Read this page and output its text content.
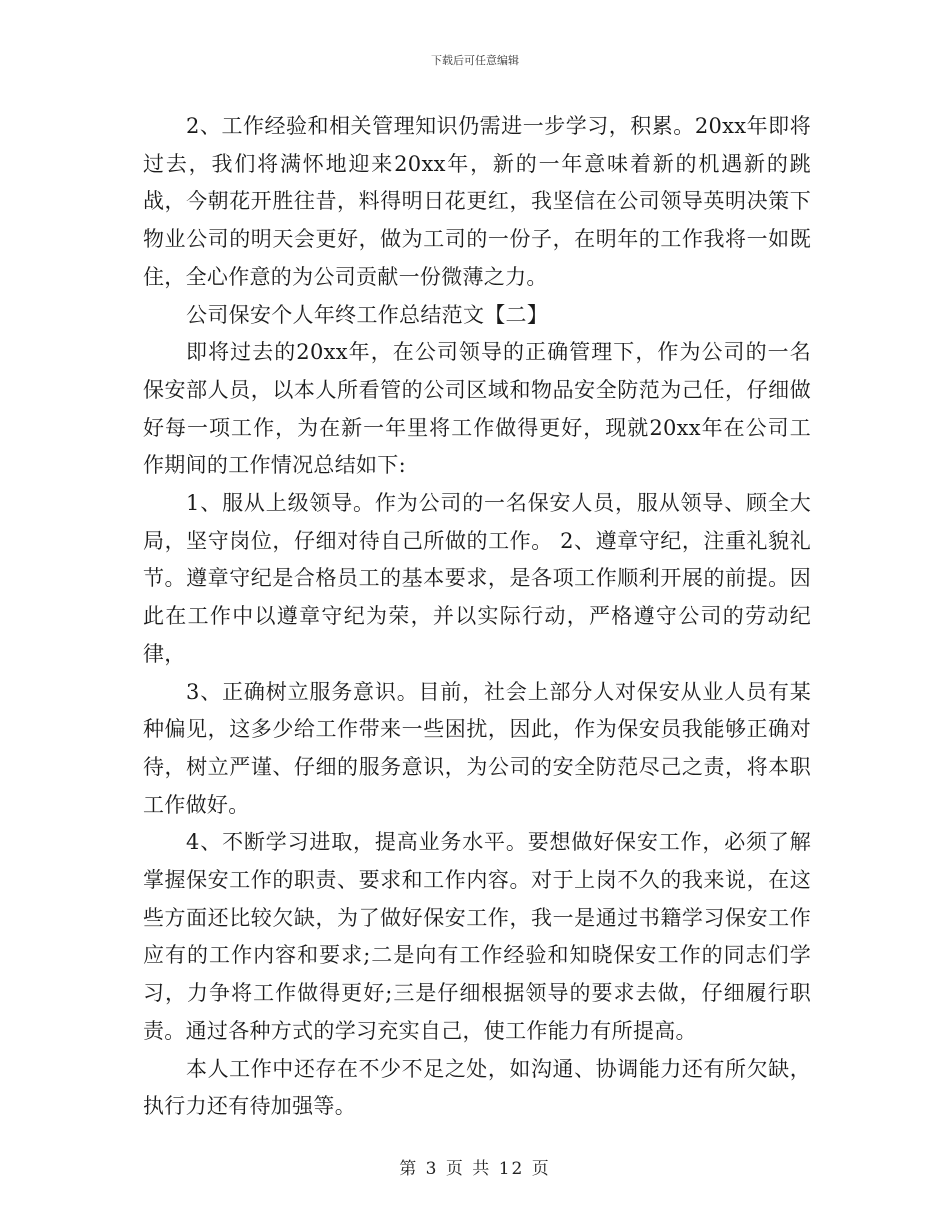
下载后可任意编辑

2、工作经验和相关管理知识仍需进一步学习，积累。20xx年即将过去，我们将满怀地迎来20xx年，新的一年意味着新的机遇新的跳战，今朝花开胜往昔，料得明日花更红，我坚信在公司领导英明决策下物业公司的明天会更好，做为工司的一份子，在明年的工作我将一如既住，全心作意的为公司贡献一份微薄之力。

公司保安个人年终工作总结范文【二】

即将过去的20xx年，在公司领导的正确管理下，作为公司的一名保安部人员，以本人所看管的公司区域和物品安全防范为己任，仔细做好每一项工作，为在新一年里将工作做得更好，现就20xx年在公司工作期间的工作情况总结如下:

1、服从上级领导。作为公司的一名保安人员，服从领导、顾全大局，坚守岗位，仔细对待自己所做的工作。 2、遵章守纪，注重礼貌礼节。遵章守纪是合格员工的基本要求，是各项工作顺利开展的前提。因此在工作中以遵章守纪为荣，并以实际行动，严格遵守公司的劳动纪律，

3、正确树立服务意识。目前，社会上部分人对保安从业人员有某种偏见，这多少给工作带来一些困扰，因此，作为保安员我能够正确对待，树立严谨、仔细的服务意识，为公司的安全防范尽己之责，将本职工作做好。

4、不断学习进取，提高业务水平。要想做好保安工作，必须了解掌握保安工作的职责、要求和工作内容。对于上岗不久的我来说，在这些方面还比较欠缺，为了做好保安工作，我一是通过书籍学习保安工作应有的工作内容和要求;二是向有工作经验和知晓保安工作的同志们学习，力争将工作做得更好;三是仔细根据领导的要求去做，仔细履行职责。通过各种方式的学习充实自己，使工作能力有所提高。

本人工作中还存在不少不足之处，如沟通、协调能力还有所欠缺，执行力还有待加强等。

第 3 页 共 12 页
